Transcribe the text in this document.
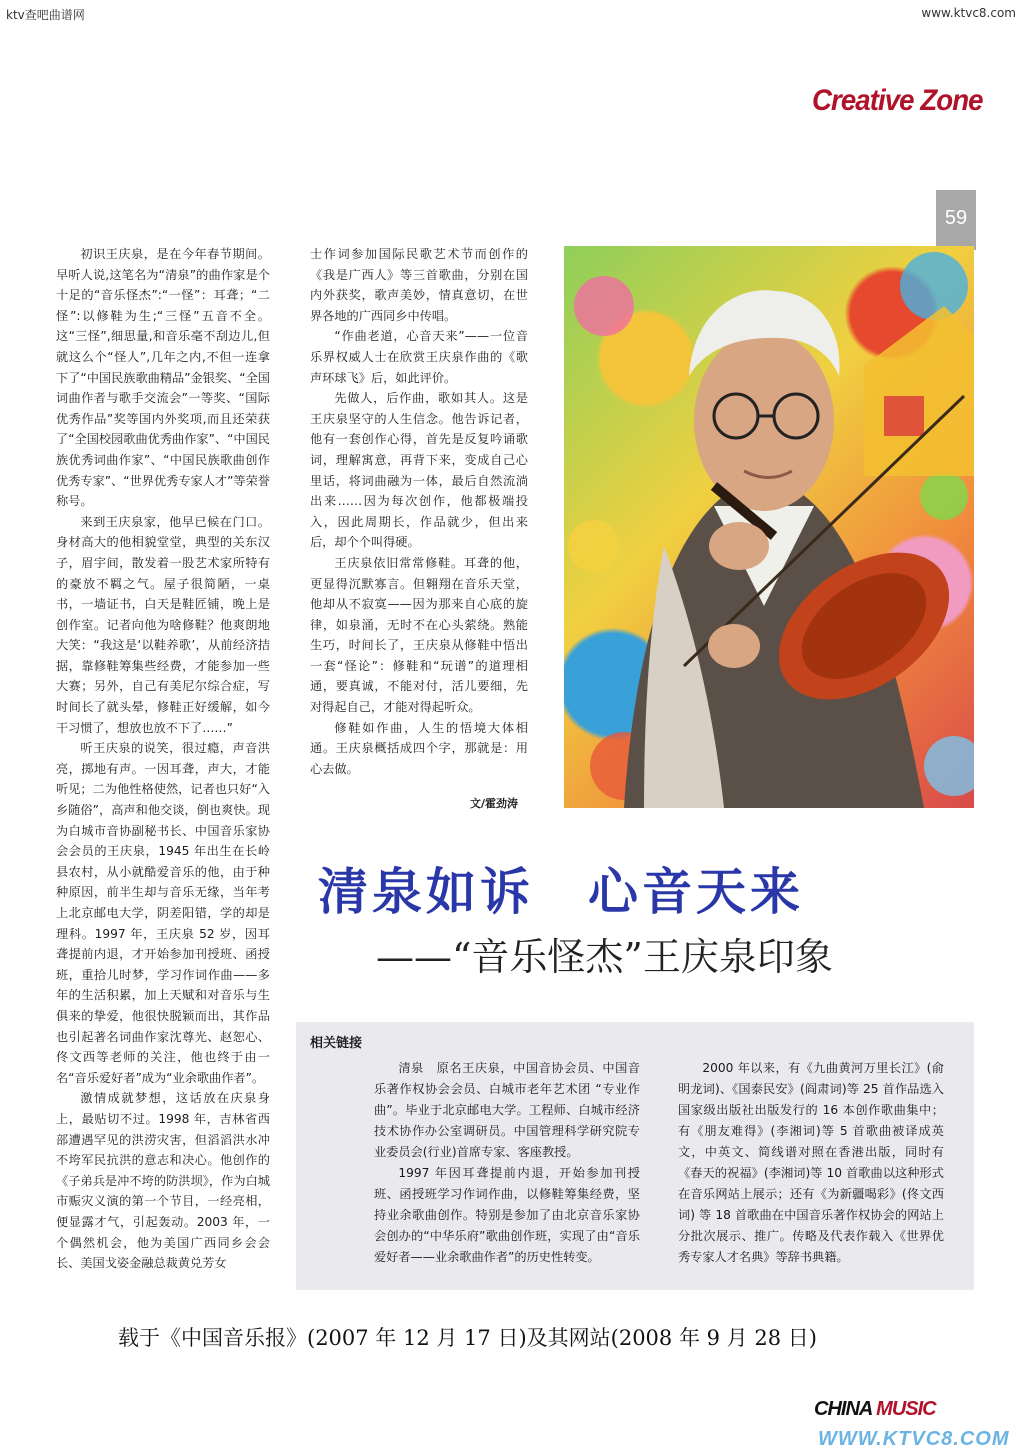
ktv查吧曲谱网	www.ktvc8.com
Creative Zone
59

初识王庆泉，是在今年春节期间。早听人说,这笔名为“清泉”的曲作家是个十足的“音乐怪杰”:“一怪”：耳聋；“二怪”:以修鞋为生;“三怪”五音不全。这“三怪”,细思量,和音乐毫不刮边儿,但就这么个“怪人”,几年之内,不但一连拿下了“中国民族歌曲精品”金银奖、“全国词曲作者与歌手交流会”一等奖、“国际优秀作品”奖等国内外奖项,而且还荣获了“全国校园歌曲优秀曲作家”、“中国民族优秀词曲作家”、“中国民族歌曲创作优秀专家”、“世界优秀专家人才”等荣誉称号。

来到王庆泉家，他早已候在门口。身材高大的他相貌堂堂，典型的关东汉子，眉宇间，散发着一股艺术家所特有的豪放不羁之气。屋子很简陋，一桌书，一墙证书，白天是鞋匠铺，晚上是创作室。记者向他为啥修鞋？他爽朗地大笑：“我这是‘以鞋养歌’，从前经济拮据，靠修鞋筹集些经费，才能参加一些大赛；另外，自己有美尼尔综合症，写时间长了就头晕，修鞋正好缓解，如今干习惯了，想放也放不下了……”

听王庆泉的说笑，很过瘾，声音洪亮，掷地有声。一因耳聋，声大，才能听见；二为他性格使然，记者也只好“入乡随俗”，高声和他交谈，倒也爽快。现为白城市音协副秘书长、中国音乐家协会会员的王庆泉，1945 年出生在长岭县农村，从小就酷爱音乐的他，由于种种原因，前半生却与音乐无缘，当年考上北京邮电大学，阴差阳错，学的却是理科。1997 年，王庆泉 52 岁，因耳聋提前内退，才开始参加刊授班、函授班，重拾儿时梦，学习作词作曲——多年的生活积累，加上天赋和对音乐与生俱来的挚爱，他很快脱颖而出，其作品也引起著名词曲作家沈尊光、赵恕心、佟文西等老师的关注，他也终于由一名“音乐爱好者”成为“业余歌曲作者”。

激情成就梦想，这话放在庆泉身上，最贴切不过。1998 年，吉林省西部遭遇罕见的洪涝灾害，但滔滔洪水冲不垮军民抗洪的意志和决心。他创作的《子弟兵是冲不垮的防洪坝》，作为白城市赈灾义演的第一个节目，一经亮相，便显露才气，引起轰动。2003 年，一个偶然机会，他为美国广西同乡会会长、美国戈姿金融总裁黄兑芳女

士作词参加国际民歌艺术节而创作的《我是广西人》等三首歌曲，分别在国内外获奖，歌声美妙，情真意切，在世界各地的广西同乡中传唱。

“作曲老道，心音天来”——一位音乐界权威人士在欣赏王庆泉作曲的《歌声环球飞》后，如此评价。

先做人，后作曲，歌如其人。这是王庆泉坚守的人生信念。他告诉记者，他有一套创作心得，首先是反复吟诵歌词，理解寓意，再背下来，变成自己心里话，将词曲融为一体，最后自然流淌出来……因为每次创作，他都极端投入，因此周期长，作品就少，但出来后，却个个叫得硬。

王庆泉依旧常常修鞋。耳聋的他，更显得沉默寡言。但翱翔在音乐天堂，他却从不寂寞——因为那来自心底的旋律，如泉涌，无时不在心头萦绕。熟能生巧，时间长了，王庆泉从修鞋中悟出一套“怪论”：修鞋和“玩谱”的道理相通，要真诚，不能对付，活儿要细，先对得起自己，才能对得起听众。

修鞋如作曲，人生的悟境大体相通。王庆泉概括成四个字，那就是：用心去做。

文/霍劲涛
清泉如诉　心音天来
——“音乐怪杰”王庆泉印象
相关链接

清泉　原名王庆泉，中国音协会员、中国音乐著作权协会会员、白城市老年艺术团 “专业作曲”。毕业于北京邮电大学。工程师、白城市经济技术协作办公室调研员。中国管理科学研究院专业委员会(行业)首席专家、客座教授。

1997 年因耳聋提前内退，开始参加刊授班、函授班学习作词作曲，以修鞋筹集经费，坚持业余歌曲创作。特别是参加了由北京音乐家协会创办的“中华乐府”歌曲创作班，实现了由“音乐爱好者——业余歌曲作者”的历史性转变。

2000 年以来，有《九曲黄河万里长江》(俞明龙词)、《国泰民安》(阎肃词)等 25 首作品选入国家级出版社出版发行的 16 本创作歌曲集中；有《朋友难得》(李湘词)等 5 首歌曲被译成英文，中英文、简线谱对照在香港出版，同时有《春天的祝福》(李湘词)等 10 首歌曲以这种形式在音乐网站上展示；还有《为新疆喝彩》(佟文西词) 等 18 首歌曲在中国音乐著作权协会的网站上分批次展示、推广。传略及代表作载入《世界优秀专家人才名典》等辞书典籍。

载于《中国音乐报》(2007 年 12 月 17 日)及其网站(2008 年 9 月 28 日)
CHINA MUSIC
WWW.KTVC8.COM
